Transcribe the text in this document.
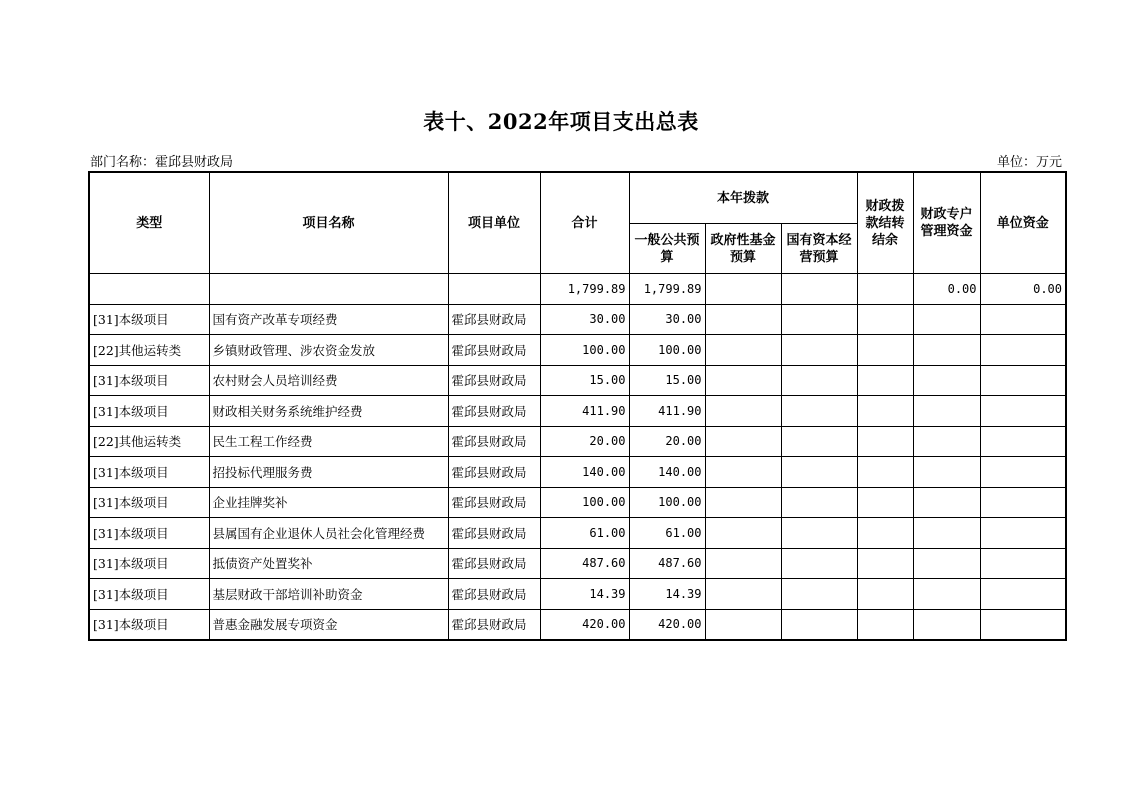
表十、2022年项目支出总表
部门名称：霍邱县财政局	单位：万元
类型	项目名称	项目单位	合计	本年拨款			财政拨款结转结余	财政专户管理资金	单位资金
				一般公共预算	政府性基金预算	国有资本经营预算			
			1,799.89	1,799.89				0.00	0.00
[31]本级项目	国有资产改革专项经费	霍邱县财政局	30.00	30.00					
[22]其他运转类	乡镇财政管理、涉农资金发放	霍邱县财政局	100.00	100.00					
[31]本级项目	农村财会人员培训经费	霍邱县财政局	15.00	15.00					
[31]本级项目	财政相关财务系统维护经费	霍邱县财政局	411.90	411.90					
[22]其他运转类	民生工程工作经费	霍邱县财政局	20.00	20.00					
[31]本级项目	招投标代理服务费	霍邱县财政局	140.00	140.00					
[31]本级项目	企业挂牌奖补	霍邱县财政局	100.00	100.00					
[31]本级项目	县属国有企业退休人员社会化管理经费	霍邱县财政局	61.00	61.00					
[31]本级项目	抵债资产处置奖补	霍邱县财政局	487.60	487.60					
[31]本级项目	基层财政干部培训补助资金	霍邱县财政局	14.39	14.39					
[31]本级项目	普惠金融发展专项资金	霍邱县财政局	420.00	420.00					
